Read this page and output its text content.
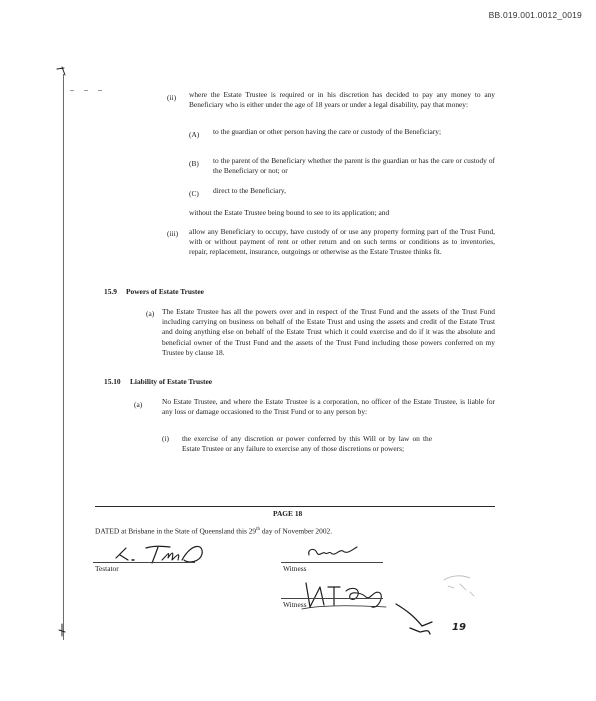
BB.019.001.0012_0019
(ii) where the Estate Trustee is required or in his discretion has decided to pay any money to any Beneficiary who is either under the age of 18 years or under a legal disability, pay that money:
(A) to the guardian or other person having the care or custody of the Beneficiary;
(B) to the parent of the Beneficiary whether the parent is the guardian or has the care or custody of the Beneficiary or not; or
(C) direct to the Beneficiary,
without the Estate Trustee being bound to see to its application; and
(iii) allow any Beneficiary to occupy, have custody of or use any property forming part of the Trust Fund, with or without payment of rent or other return and on such terms or conditions as to inventories, repair, replacement, insurance, outgoings or otherwise as the Estate Trustee thinks fit.
15.9 Powers of Estate Trustee
(a) The Estate Trustee has all the powers over and in respect of the Trust Fund and the assets of the Trust Fund including carrying on business on behalf of the Estate Trust and using the assets and credit of the Estate Trust and doing anything else on behalf of the Estate Trust which it could exercise and do if it was the absolute and beneficial owner of the Trust Fund and the assets of the Trust Fund including those powers conferred on my Trustee by clause 18.
15.10 Liability of Estate Trustee
(a)	No Estate Trustee, and where the Estate Trustee is a corporation, no officer of the Estate Trustee, is liable for any loss or damage occasioned to the Trust Fund or to any person by:
(i) the exercise of any discretion or power conferred by this Will or by law on the Estate Trustee or any failure to exercise any of those discretions or powers;
PAGE 18
DATED at Brisbane in the State of Queensland this 29th day of November 2002.
Testator	Witness
Witness
19
